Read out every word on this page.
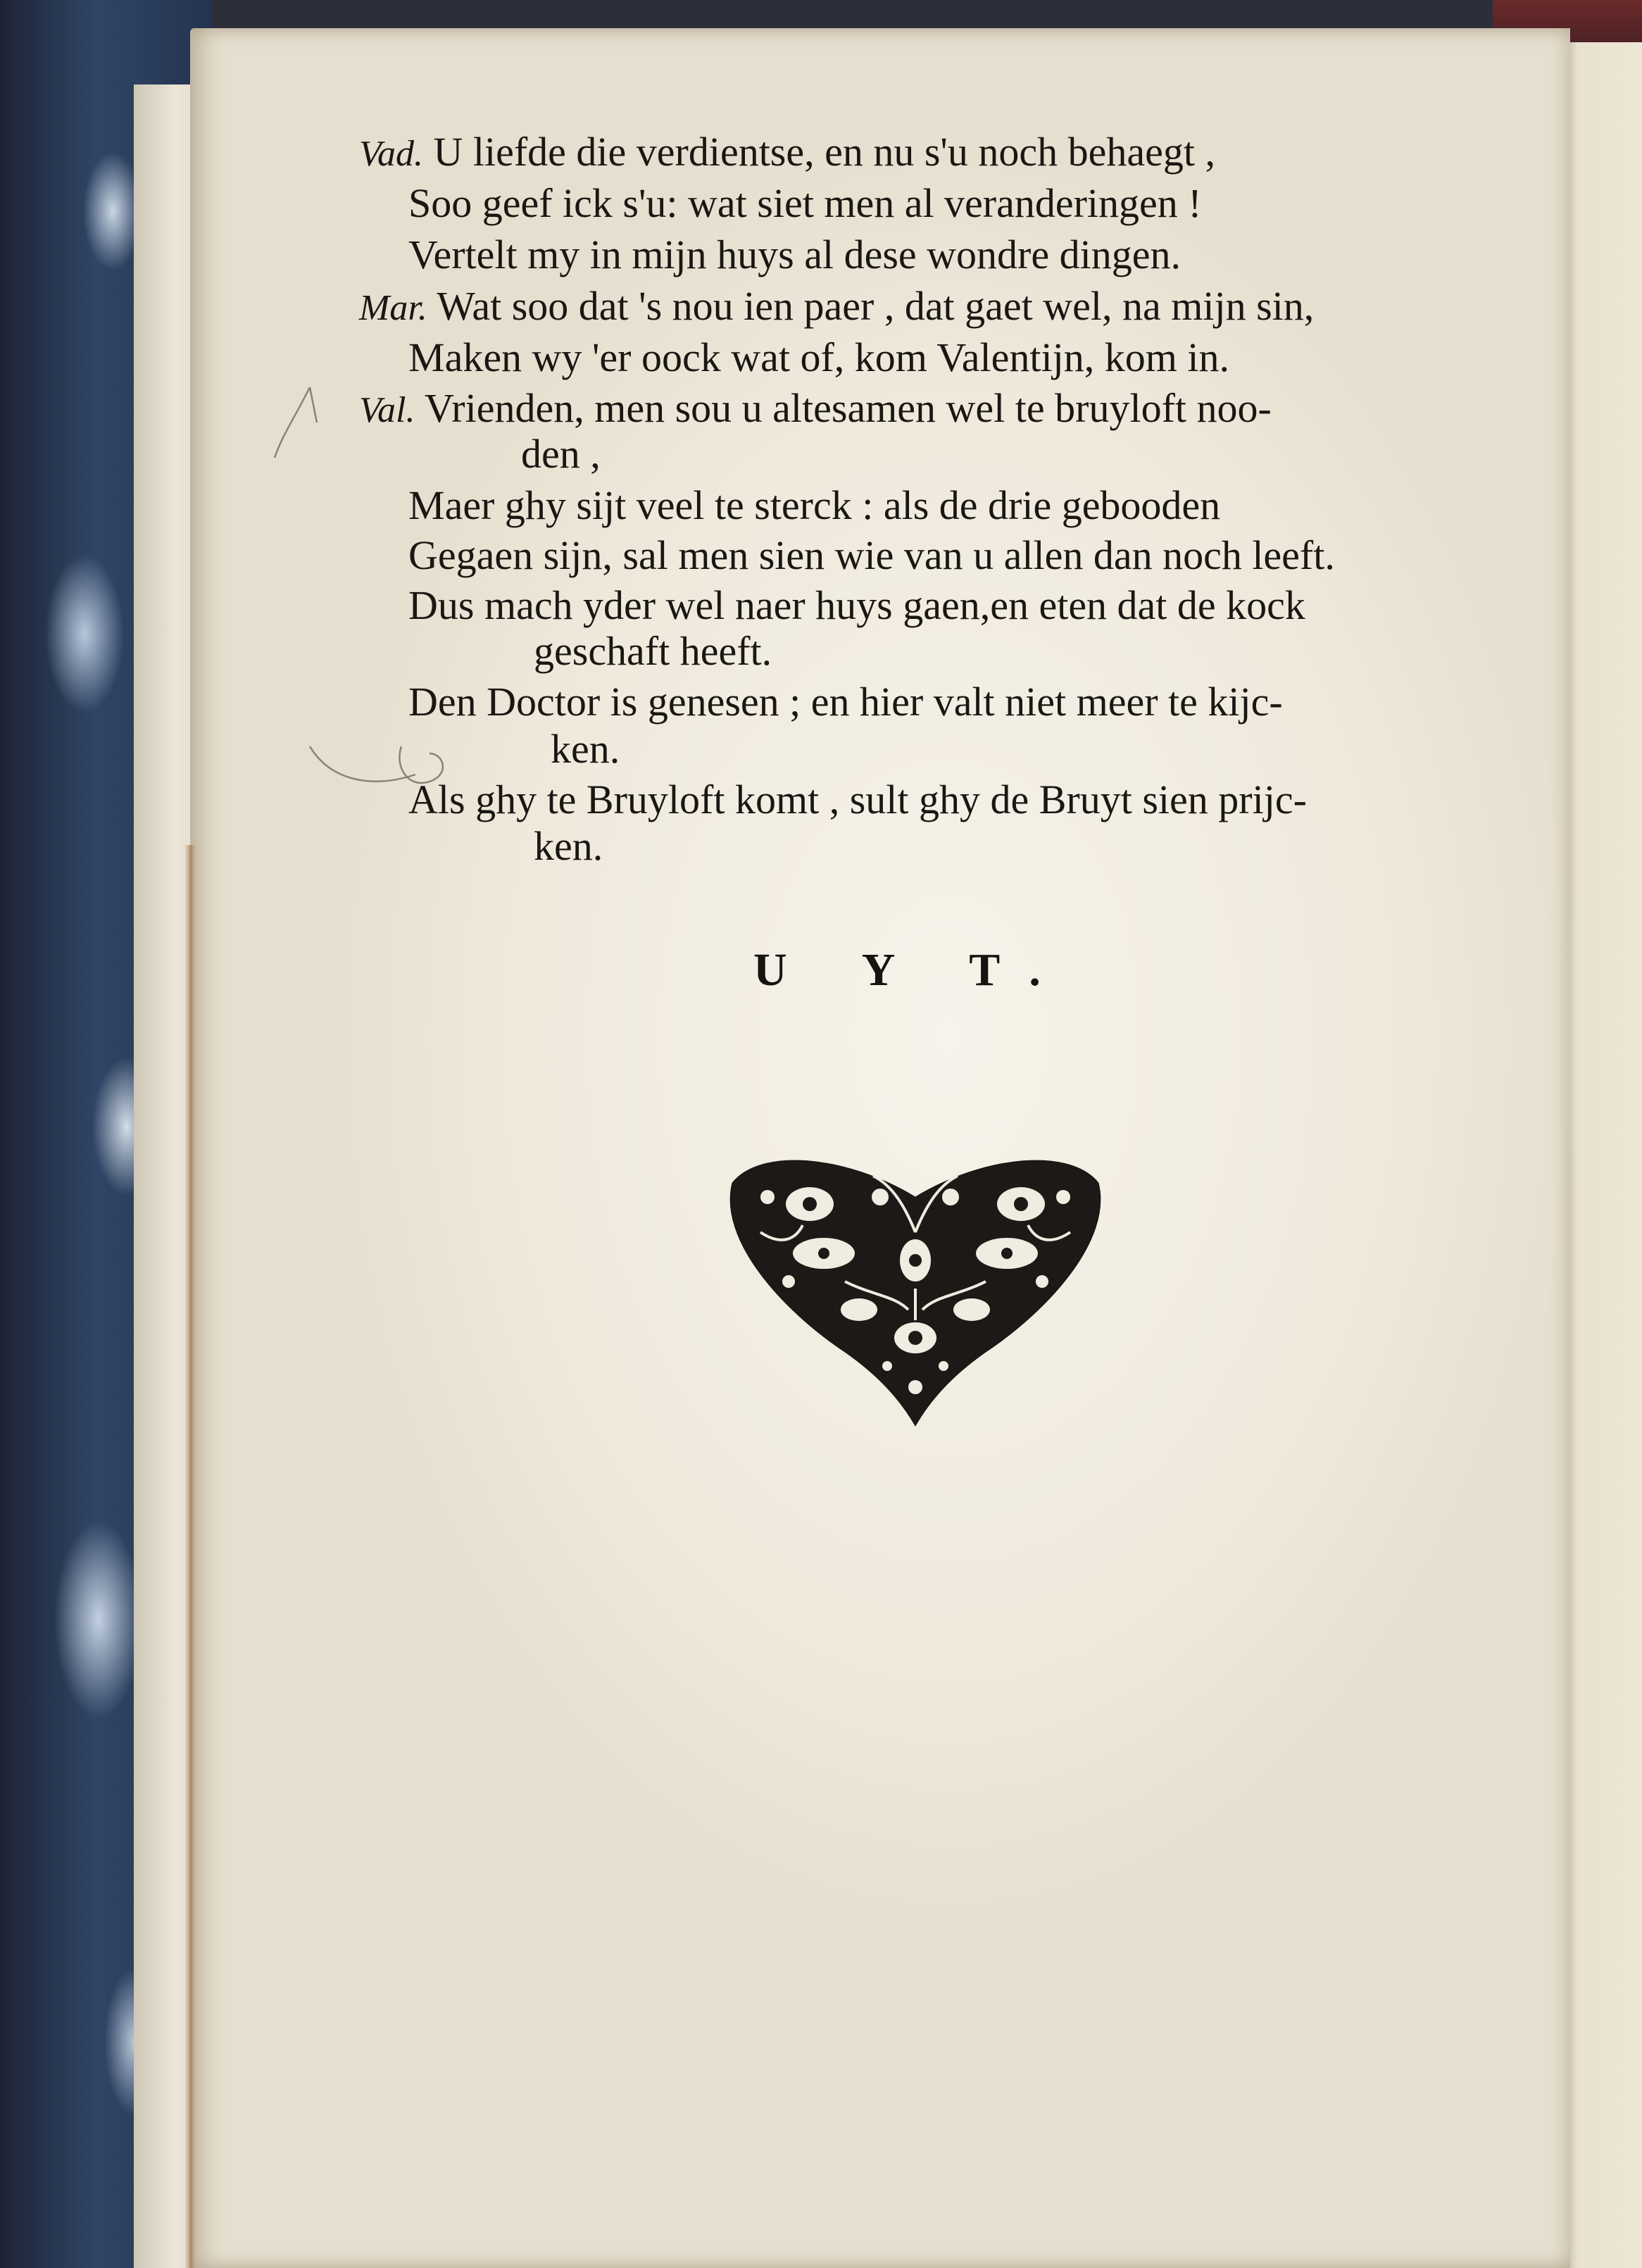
Vad. U liefde die verdientse, en nu s'u noch behaegt ,
Soo geef ick s'u: wat siet men al veranderingen !
Vertelt my in mijn huys al dese wondre dingen.
Mar. Wat soo dat 's nou ien paer , dat gaet wel, na mijn sin,
Maken wy 'er oock wat of, kom Valentijn, kom in.
Val. Vrienden, men sou u altesamen wel te bruyloft noo-
den ,
Maer ghy sijt veel te sterck : als de drie gebooden
Gegaen sijn, sal men sien wie van u allen dan noch leeft.
Dus mach yder wel naer huys gaen,en eten dat de kock
geschaft heeft.
Den Doctor is genesen ; en hier valt niet meer te kijc-
ken.
Als ghy te Bruyloft komt , sult ghy de Bruyt sien prijc-
ken.
U Y T.
